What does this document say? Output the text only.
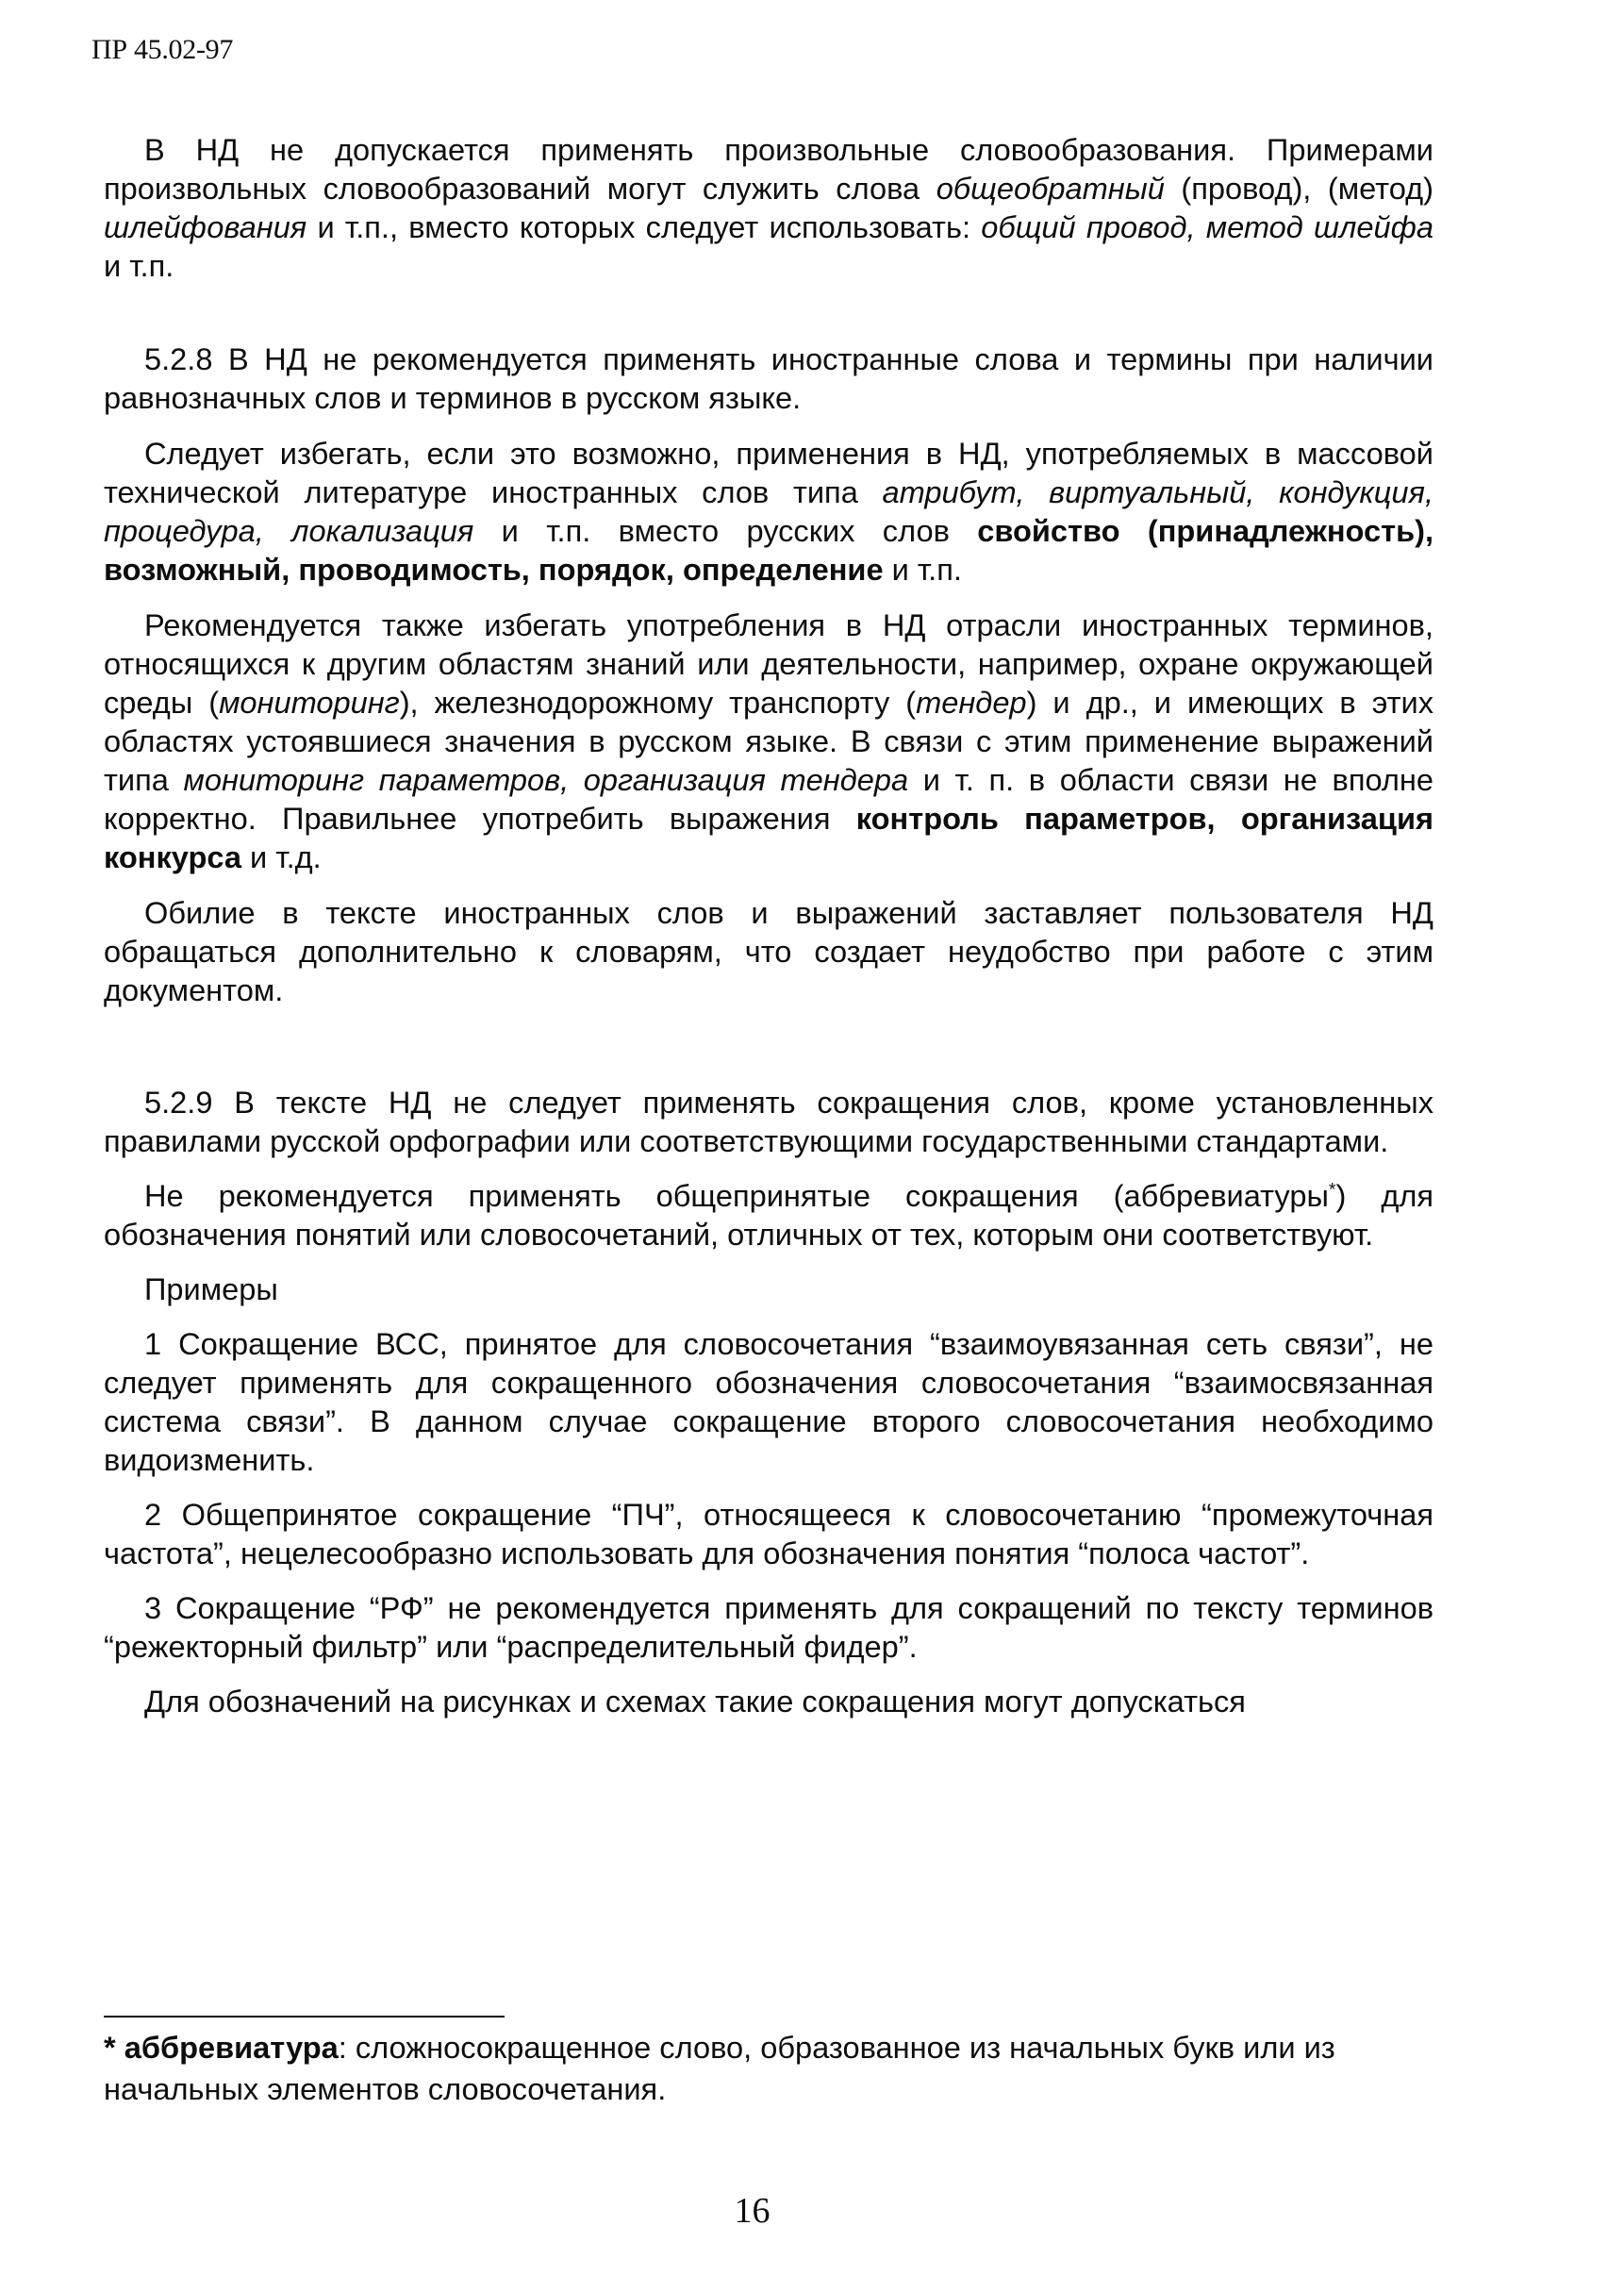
ПР 45.02-97

В НД не допускается применять произвольные словообразования. Примерами произвольных словообразований могут служить слова общеобратный (провод), (метод) шлейфования и т.п., вместо которых следует использовать: общий провод, метод шлейфа и т.п.

5.2.8 В НД не рекомендуется применять иностранные слова и термины при наличии равнозначных слов и терминов в русском языке.

Следует избегать, если это возможно, применения в НД, употребляемых в массовой технической литературе иностранных слов типа атрибут, виртуальный, кондукция, процедура, локализация и т.п. вместо русских слов свойство (принадлежность), возможный, проводимость, порядок, определение и т.п.

Рекомендуется также избегать употребления в НД отрасли иностранных терминов, относящихся к другим областям знаний или деятельности, например, охране окружающей среды (мониторинг), железнодорожному транспорту (тендер) и др., и имеющих в этих областях устоявшиеся значения в русском языке. В связи с этим применение выражений типа мониторинг параметров, организация тендера и т. п. в области связи не вполне корректно. Правильнее употребить выражения контроль параметров, организация конкурса и т.д.

Обилие в тексте иностранных слов и выражений заставляет пользователя НД обращаться дополнительно к словарям, что создает неудобство при работе с этим документом.

5.2.9 В тексте НД не следует применять сокращения слов, кроме установленных правилами русской орфографии или соответствующими государственными стандартами.

Не рекомендуется применять общепринятые сокращения (аббревиатуры*) для обозначения понятий или словосочетаний, отличных от тех, которым они соответствуют.

Примеры

1 Сокращение ВСС, принятое для словосочетания “взаимоувязанная сеть связи”, не следует применять для сокращенного обозначения словосочетания “взаимосвязанная система связи”. В данном случае сокращение второго словосочетания необходимо видоизменить.

2 Общепринятое сокращение “ПЧ”, относящееся к словосочетанию “промежуточная частота”, нецелесообразно использовать для обозначения понятия “полоса частот”.

3 Сокращение “РФ” не рекомендуется применять для сокращений по тексту терминов “режекторный фильтр” или “распределительный фидер”.

Для обозначений на рисунках и схемах такие сокращения могут допускаться

* аббревиатура: сложносокращенное слово, образованное из начальных букв или из начальных элементов словосочетания.
16
